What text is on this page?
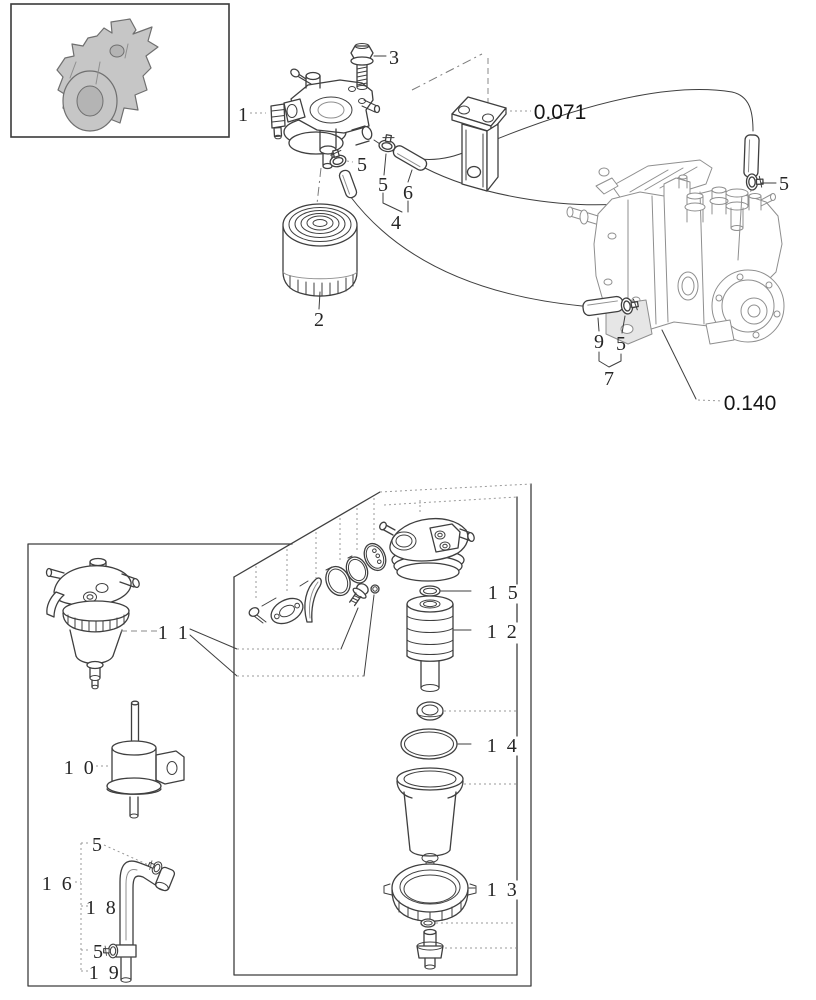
1
3
5
5 6
4
2
0.071
5
9 5
7
0.140
1 1
1 5
1 2
1 4
1 3
1 0
5
1 6
1 8
5
1 9
